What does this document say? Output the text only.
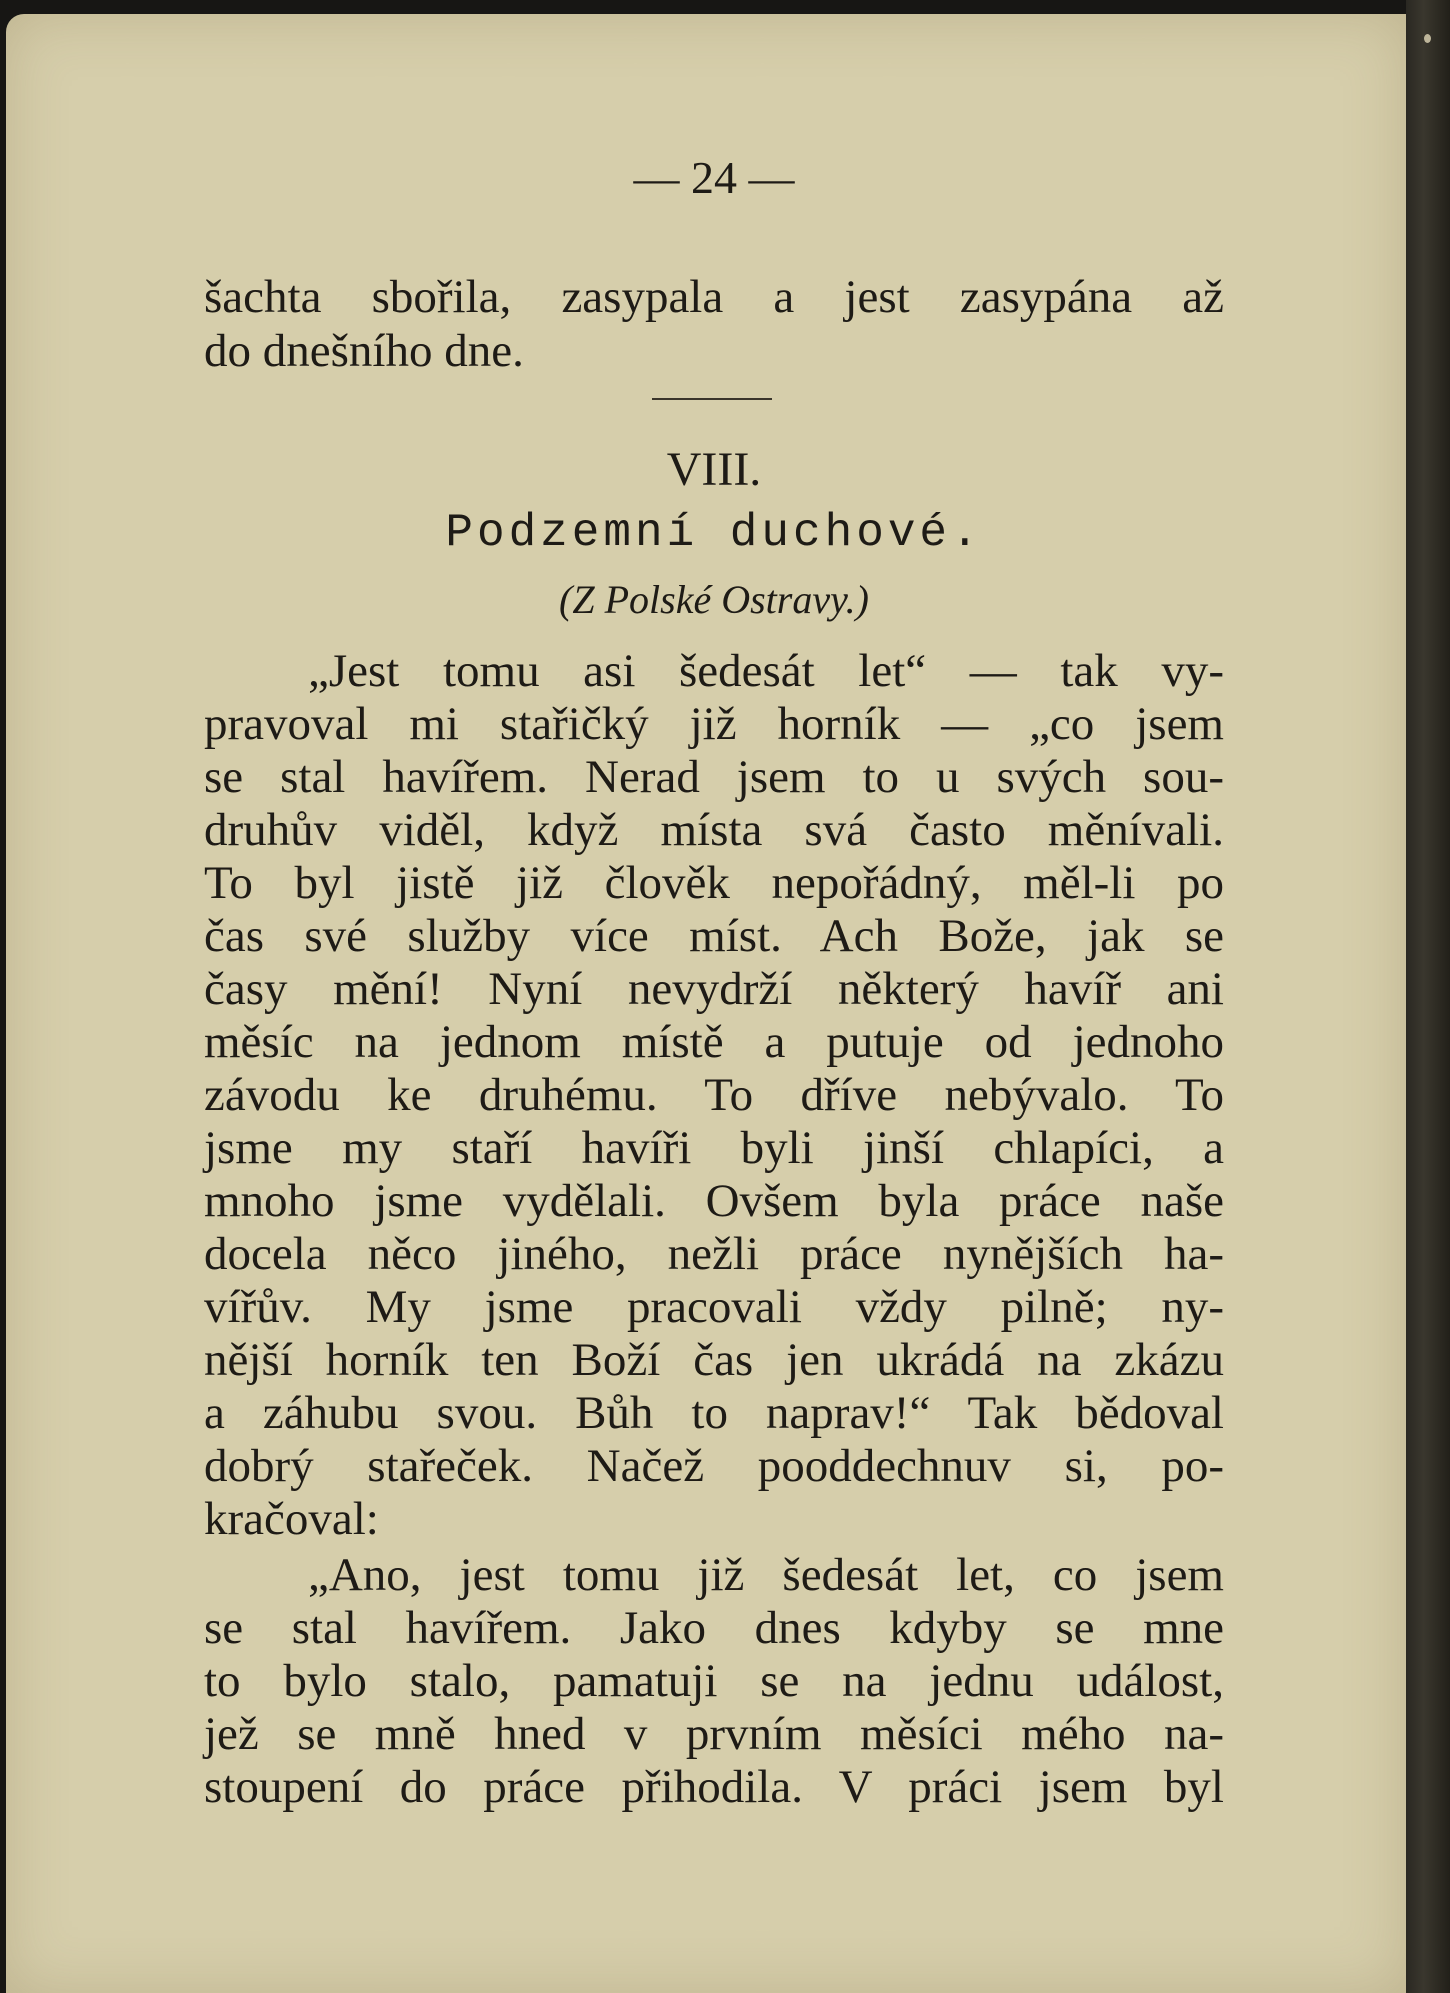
— 24 —
šachta sbořila, zasypala a jest zasypána až
do dnešního dne.
VIII.
Podzemní duchové.
(Z Polské Ostravy.)
„Jest tomu asi šedesát let“ — tak vy-
pravoval mi stařičký již horník — „co jsem
se stal havířem. Nerad jsem to u svých sou-
druhův viděl, když místa svá často měnívali.
To byl jistě již člověk nepořádný, měl-li po
čas své služby více míst. Ach Bože, jak se
časy mění! Nyní nevydrží některý havíř ani
měsíc na jednom místě a putuje od jednoho
závodu ke druhému. To dříve nebývalo. To
jsme my staří havíři byli jinší chlapíci, a
mnoho jsme vydělali. Ovšem byla práce naše
docela něco jiného, nežli práce nynějších ha-
vířův. My jsme pracovali vždy pilně; ny-
nější horník ten Boží čas jen ukrádá na zkázu
a záhubu svou. Bůh to naprav!“ Tak bědoval
dobrý stařeček. Načež pooddechnuv si, po-
kračoval:
„Ano, jest tomu již šedesát let, co jsem
se stal havířem. Jako dnes kdyby se mne
to bylo stalo, pamatuji se na jednu událost,
jež se mně hned v prvním měsíci mého na-
stoupení do práce přihodila. V práci jsem byl
